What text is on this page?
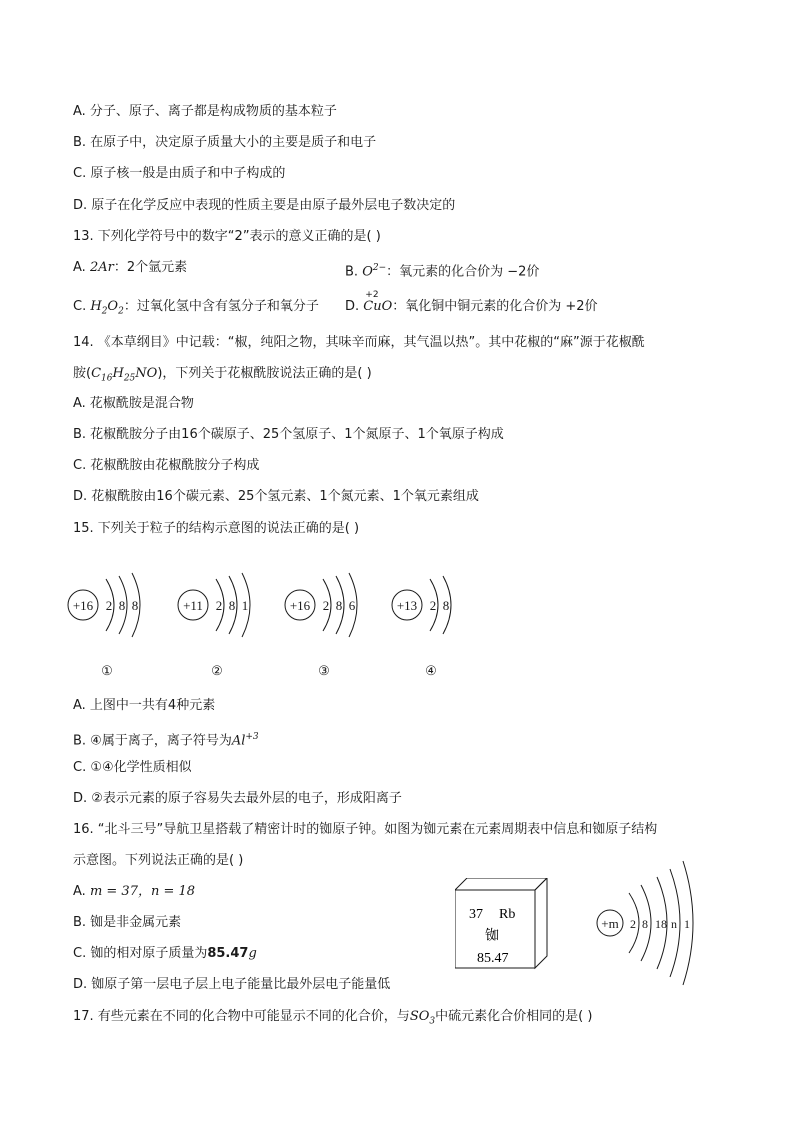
A. 分子、原子、离子都是构成物质的基本粒子
B. 在原子中，决定原子质量大小的主要是质子和电子
C. 原子核一般是由质子和中子构成的
D. 原子在化学反应中表现的性质主要是由原子最外层电子数决定的
13. 下列化学符号中的数字“2”表示的意义正确的是( )
A. 2Ar：2个氩元素	B. $O^{2-}$：氧元素的化合价为 −2价
C. $H_2O_2$：过氧化氢中含有氢分子和氧分子 D.
+2
CuO：氧化铜中铜元素的化合价为 +2价
14. 《本草纲目》中记载：“椒，纯阳之物，其味辛而麻，其气温以热”。其中花椒的“麻”源于花椒酰
胺$(C_{16}H_{25}NO)$，下列关于花椒酰胺说法正确的是( )
A. 花椒酰胺是混合物
B. 花椒酰胺分子由16个碳原子、25个氢原子、1个氮原子、1个氧原子构成
C. 花椒酰胺由花椒酰胺分子构成
D. 花椒酰胺由16个碳元素、25个氢元素、1个氮元素、1个氧元素组成
15. 下列关于粒子的结构示意图的说法正确的是( )
+16 2 8 8
①
+11 2 8 1
②
+16 2 8 6
③
+13 2 8
④
A. 上图中一共有4种元素
B. ④属于离子，离子符号为$Al^{+3}$
C. ①④化学性质相似
D. ②表示元素的原子容易失去最外层的电子，形成阳离子
16. “北斗三号”导航卫星搭载了精密计时的铷原子钟。如图为铷元素在元素周期表中信息和铷原子结构
示意图。下列说法正确的是( )
A. m = 37，n = 18
B. 铷是非金属元素
C. 铷的相对原子质量为85.47g
D. 铷原子第一层电子层上电子能量比最外层电子能量低
37 Rb
铷
85.47
+m 2 8 18 n 1
17. 有些元素在不同的化合物中可能显示不同的化合价，与$SO_3$中硫元素化合价相同的是( )
